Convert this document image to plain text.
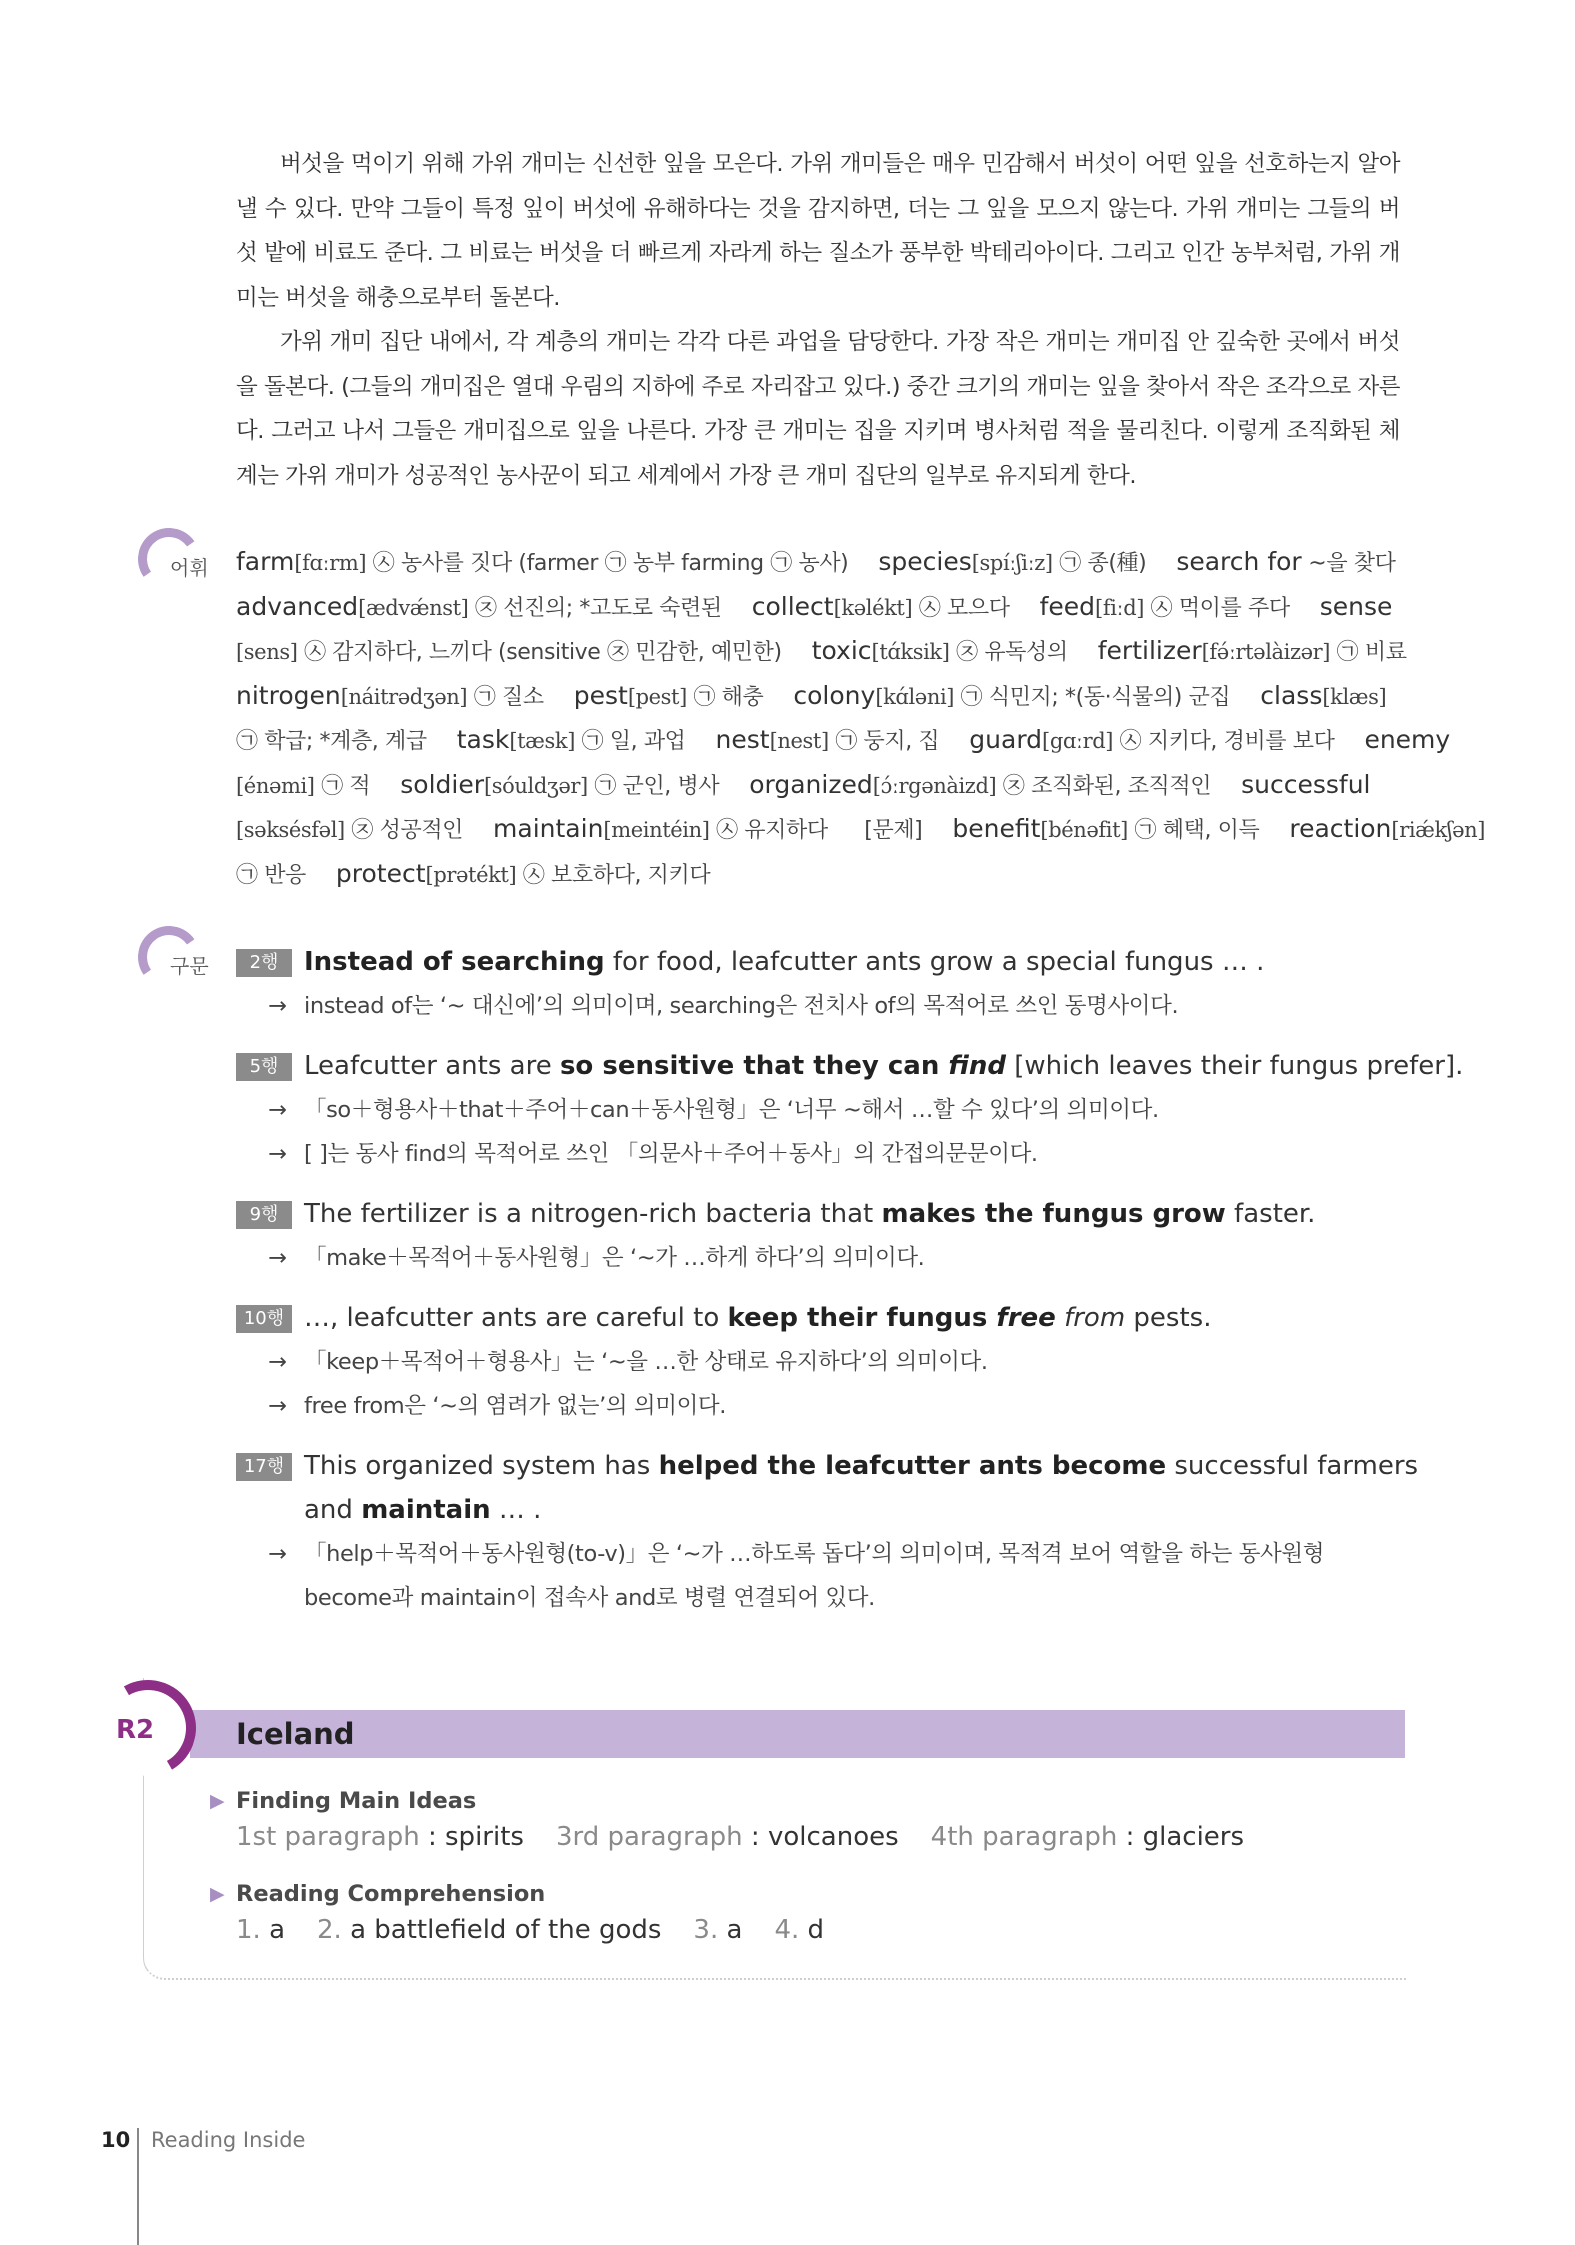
버섯을 먹이기 위해 가위 개미는 신선한 잎을 모은다. 가위 개미들은 매우 민감해서 버섯이 어떤 잎을 선호하는지 알아낼 수 있다. 만약 그들이 특정 잎이 버섯에 유해하다는 것을 감지하면, 더는 그 잎을 모으지 않는다. 가위 개미는 그들의 버섯 밭에 비료도 준다. 그 비료는 버섯을 더 빠르게 자라게 하는 질소가 풍부한 박테리아이다. 그리고 인간 농부처럼, 가위 개미는 버섯을 해충으로부터 돌본다.

가위 개미 집단 내에서, 각 계층의 개미는 각각 다른 과업을 담당한다. 가장 작은 개미는 개미집 안 깊숙한 곳에서 버섯을 돌본다. (그들의 개미집은 열대 우림의 지하에 주로 자리잡고 있다.) 중간 크기의 개미는 잎을 찾아서 작은 조각으로 자른다. 그러고 나서 그들은 개미집으로 잎을 나른다. 가장 큰 개미는 집을 지키며 병사처럼 적을 물리친다. 이렇게 조직화된 체계는 가위 개미가 성공적인 농사꾼이 되고 세계에서 가장 큰 개미 집단의 일부로 유지되게 한다.

어휘 farm[fɑːrm] ㉦ 농사를 짓다 (farmer ㉠ 농부 farming ㉠ 농사) species[spíːʃiːz] ㉠ 종(種) search for ~을 찾다
advanced[ædvǽnst] ㉨ 선진의; *고도로 숙련된 collect[kəlékt] ㉦ 모으다 feed[fiːd] ㉦ 먹이를 주다 sense
[sens] ㉦ 감지하다, 느끼다 (sensitive ㉨ 민감한, 예민한) toxic[tɑ́ksik] ㉨ 유독성의 fertilizer[fə́ːrtəlàizər] ㉠ 비료
nitrogen[náitrədʒən] ㉠ 질소 pest[pest] ㉠ 해충 colony[kɑ́ləni] ㉠ 식민지; *(동·식물의) 군집 class[klæs]
㉠ 학급; *계층, 계급 task[tæsk] ㉠ 일, 과업 nest[nest] ㉠ 둥지, 집 guard[gɑːrd] ㉦ 지키다, 경비를 보다 enemy
[énəmi] ㉠ 적 soldier[sóuldʒər] ㉠ 군인, 병사 organized[ɔ́ːrgənàizd] ㉨ 조직화된, 조직적인 successful
[səksésfəl] ㉨ 성공적인 maintain[meintéin] ㉦ 유지하다 [문제] benefit[bénəfit] ㉠ 혜택, 이득 reaction[riǽkʃən]
㉠ 반응 protect[prətékt] ㉦ 보호하다, 지키다
구문	2행 Instead of searching for food, leafcutter ants grow a special fungus … .
→ instead of는 ‘~ 대신에’의 의미이며, searching은 전치사 of의 목적어로 쓰인 동명사이다.
5행 Leafcutter ants are so sensitive that they can find [which leaves their fungus prefer].
→ 「so＋형용사＋that＋주어＋can＋동사원형」은 ‘너무 ~해서 …할 수 있다’의 의미이다.
→ [ ]는 동사 find의 목적어로 쓰인 「의문사＋주어＋동사」의 간접의문문이다.
9행 The fertilizer is a nitrogen-rich bacteria that makes the fungus grow faster.
→ 「make＋목적어＋동사원형」은 ‘~가 …하게 하다’의 의미이다.
10행 …, leafcutter ants are careful to keep their fungus free from pests.
→ 「keep＋목적어＋형용사」는 ‘~을 …한 상태로 유지하다’의 의미이다.
→ free from은 ‘~의 염려가 없는’의 의미이다.
17행 This organized system has helped the leafcutter ants become successful farmers
and maintain … .
→ 「help＋목적어＋동사원형(to-v)」은 ‘~가 …하도록 돕다’의 의미이며, 목적격 보어 역할을 하는 동사원형
become과 maintain이 접속사 and로 병렬 연결되어 있다.
R2	Iceland
▶ Finding Main Ideas
1st paragraph : spirits 3rd paragraph : volcanoes 4th paragraph : glaciers
▶ Reading Comprehension
1. a 2. a battlefield of the gods 3. a 4. d
10 Reading Inside
